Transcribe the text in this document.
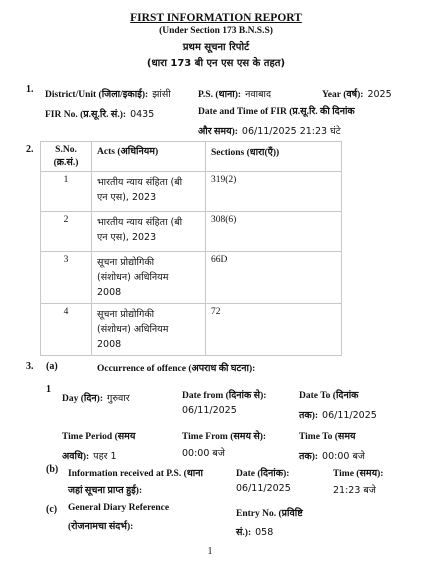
FIRST INFORMATION REPORT
(Under Section 173 B.N.S.S)
प्रथम सूचना रिपोर्ट
(धारा 173 बी एन एस एस के तहत)
1. District/Unit (जिला/इकाई): झांसी	P.S. (थाना): नवाबाद	Year (वर्ष): 2025
FIR No. (प्र.सू.रि. सं.): 0435	Date and Time of FIR (प्र.सू.रि. की दिनांक
और समय): 06/11/2025 21:23 घंटे
2.	S.No.
(क्र.सं.)	Acts (अधिनियम)	Sections (धारा(एँ))
1	भारतीय न्याय संहिता (बी
एन एस), 2023	319(2)
2	भारतीय न्याय संहिता (बी
एन एस), 2023	308(6)
3	सूचना प्रोद्योगिकी
(संशोधन) अधिनियम
2008	66D
4	सूचना प्रोद्योगिकी
(संशोधन) अधिनियम
2008	72
3. (a)	Occurrence of offence (अपराध की घटना):
1
Day (दिन): गुरुवार	Date from (दिनांक से):
06/11/2025
Date To (दिनांक
तक): 06/11/2025
Time Period (समय
अवधि): पहर 1
Time From (समय से):
00:00 बजे
Time To (समय
तक): 00:00 बजे
(b) Information received at P.S. (थाना
जहां सूचना प्राप्त हुई):
Date (दिनांक):
06/11/2025
Time (समय):
21:23 बजे
(c) General Diary Reference
(रोजनामचा संदर्भ):
Entry No. (प्रविष्टि
सं.): 058
1
